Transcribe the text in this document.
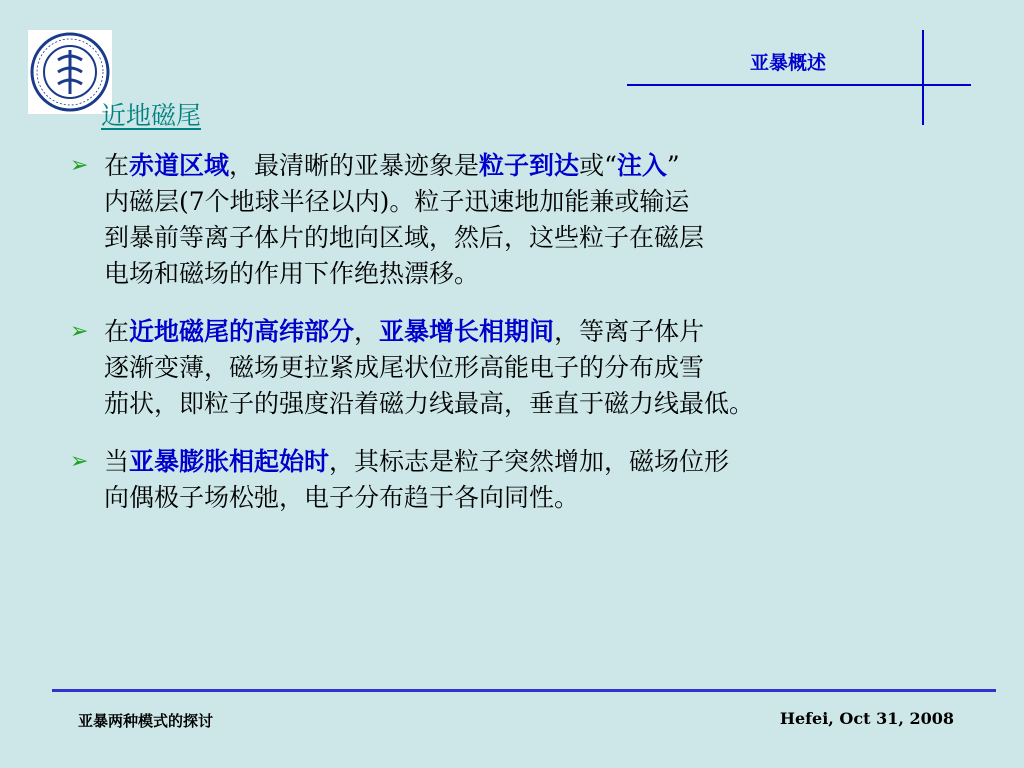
亚暴概述
近地磁尾
➢ 在赤道区域，最清晰的亚暴迹象是粒子到达或“注入”
内磁层(7个地球半径以内)。粒子迅速地加能兼或输运
到暴前等离子体片的地向区域，然后，这些粒子在磁层
电场和磁场的作用下作绝热漂移。
➢ 在近地磁尾的高纬部分，亚暴增长相期间，等离子体片
逐渐变薄，磁场更拉紧成尾状位形高能电子的分布成雪
茄状，即粒子的强度沿着磁力线最高，垂直于磁力线最低。
➢ 当亚暴膨胀相起始时，其标志是粒子突然增加，磁场位形
向偶极子场松弛，电子分布趋于各向同性。
亚暴两种模式的探讨	Hefei, Oct 31, 2008
